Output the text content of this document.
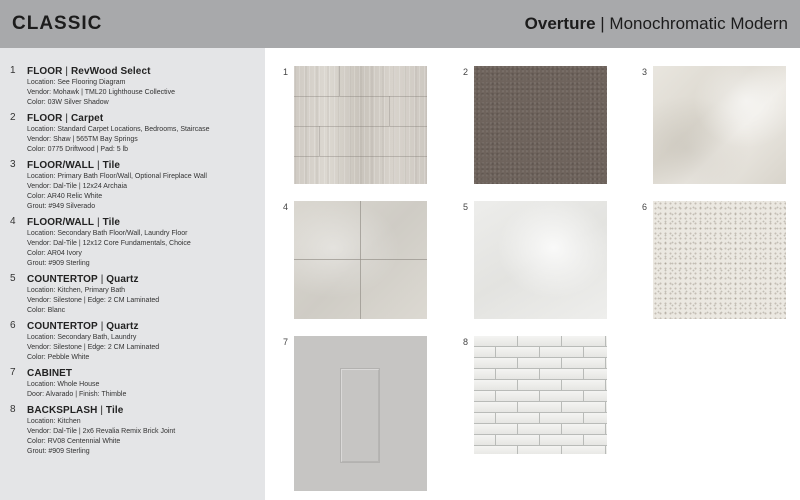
CLASSIC	Overture | Monochromatic Modern
1 FLOOR | RevWood Select
Location: See Flooring Diagram
Vendor: Mohawk | TML20 Lighthouse Collective
Color: 03W Silver Shadow
2 FLOOR | Carpet
Location: Standard Carpet Locations, Bedrooms, Staircase
Vendor: Shaw | 565TM Bay Springs
Color: 0775 Driftwood | Pad: 5 lb
3 FLOOR/WALL | Tile
Location: Primary Bath Floor/Wall, Optional Fireplace Wall
Vendor: Dal-Tile | 12x24 Archaia
Color: AR40 Relic White
Grout: #949 Silverado
4 FLOOR/WALL | Tile
Location: Secondary Bath Floor/Wall, Laundry Floor
Vendor: Dal-Tile | 12x12 Core Fundamentals, Choice
Color: AR04 Ivory
Grout: #909 Sterling
5 COUNTERTOP | Quartz
Location: Kitchen, Primary Bath
Vendor: Silestone | Edge: 2 CM Laminated
Color: Blanc
6 COUNTERTOP | Quartz
Location: Secondary Bath, Laundry
Vendor: Silestone | Edge: 2 CM Laminated
Color: Pebble White
7 CABINET
Location: Whole House
Door: Alvarado | Finish: Thimble
8 BACKSPLASH | Tile
Location: Kitchen
Vendor: Dal-Tile | 2x6 Revalia Remix Brick Joint
Color: RV08 Centennial White
Grout: #909 Sterling
1	2	3
4	5	6
7	8
